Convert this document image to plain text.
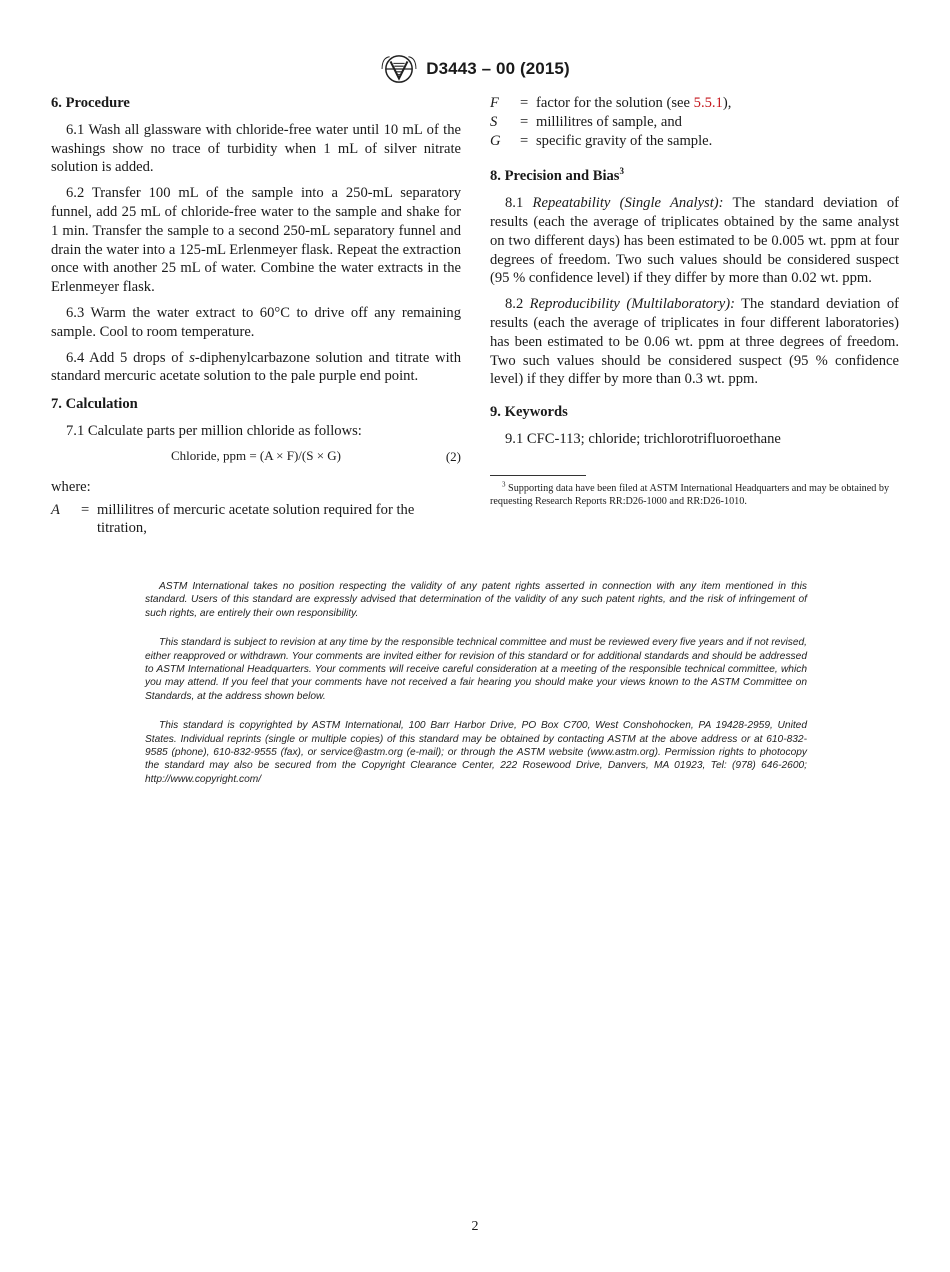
D3443 – 00 (2015)
6. Procedure

6.1 Wash all glassware with chloride-free water until 10 mL of the washings show no trace of turbidity when 1 mL of silver nitrate solution is added.

6.2 Transfer 100 mL of the sample into a 250-mL separatory funnel, add 25 mL of chloride-free water to the sample and shake for 1 min. Transfer the sample to a second 250-mL separatory funnel and drain the water into a 125-mL Erlenmeyer flask. Repeat the extraction once with another 25 mL of water. Combine the water extracts in the Erlenmeyer flask.

6.3 Warm the water extract to 60°C to drive off any remaining sample. Cool to room temperature.

6.4 Add 5 drops of s-diphenylcarbazone solution and titrate with standard mercuric acetate solution to the pale purple end point.

7. Calculation

7.1 Calculate parts per million chloride as follows:

Chloride, ppm = (A × F)/(S × G)	(2)

where:

A	= millilitres of mercuric acetate solution required for the titration,
F	= factor for the solution (see 5.5.1),
S	= millilitres of sample, and
G	= specific gravity of the sample.
8. Precision and Bias$^3$

8.1 Repeatability (Single Analyst): The standard deviation of results (each the average of triplicates obtained by the same analyst on two different days) has been estimated to be 0.005 wt. ppm at four degrees of freedom. Two such values should be considered suspect (95 % confidence level) if they differ by more than 0.02 wt. ppm.

8.2 Reproducibility (Multilaboratory): The standard deviation of results (each the average of triplicates in four different laboratories) has been estimated to be 0.06 wt. ppm at three degrees of freedom. Two such values should be considered suspect (95 % confidence level) if they differ by more than 0.3 wt. ppm.

9. Keywords

9.1 CFC-113; chloride; trichlorotrifluoroethane

$^3$ Supporting data have been filed at ASTM International Headquarters and may be obtained by requesting Research Reports RR:D26-1000 and RR:D26-1010.

ASTM International takes no position respecting the validity of any patent rights asserted in connection with any item mentioned in this standard. Users of this standard are expressly advised that determination of the validity of any such patent rights, and the risk of infringement of such rights, are entirely their own responsibility.

This standard is subject to revision at any time by the responsible technical committee and must be reviewed every five years and if not revised, either reapproved or withdrawn. Your comments are invited either for revision of this standard or for additional standards and should be addressed to ASTM International Headquarters. Your comments will receive careful consideration at a meeting of the responsible technical committee, which you may attend. If you feel that your comments have not received a fair hearing you should make your views known to the ASTM Committee on Standards, at the address shown below.

This standard is copyrighted by ASTM International, 100 Barr Harbor Drive, PO Box C700, West Conshohocken, PA 19428-2959, United States. Individual reprints (single or multiple copies) of this standard may be obtained by contacting ASTM at the above address or at 610-832-9585 (phone), 610-832-9555 (fax), or service@astm.org (e-mail); or through the ASTM website (www.astm.org). Permission rights to photocopy the standard may also be secured from the Copyright Clearance Center, 222 Rosewood Drive, Danvers, MA 01923, Tel: (978) 646-2600; http://www.copyright.com/

2
